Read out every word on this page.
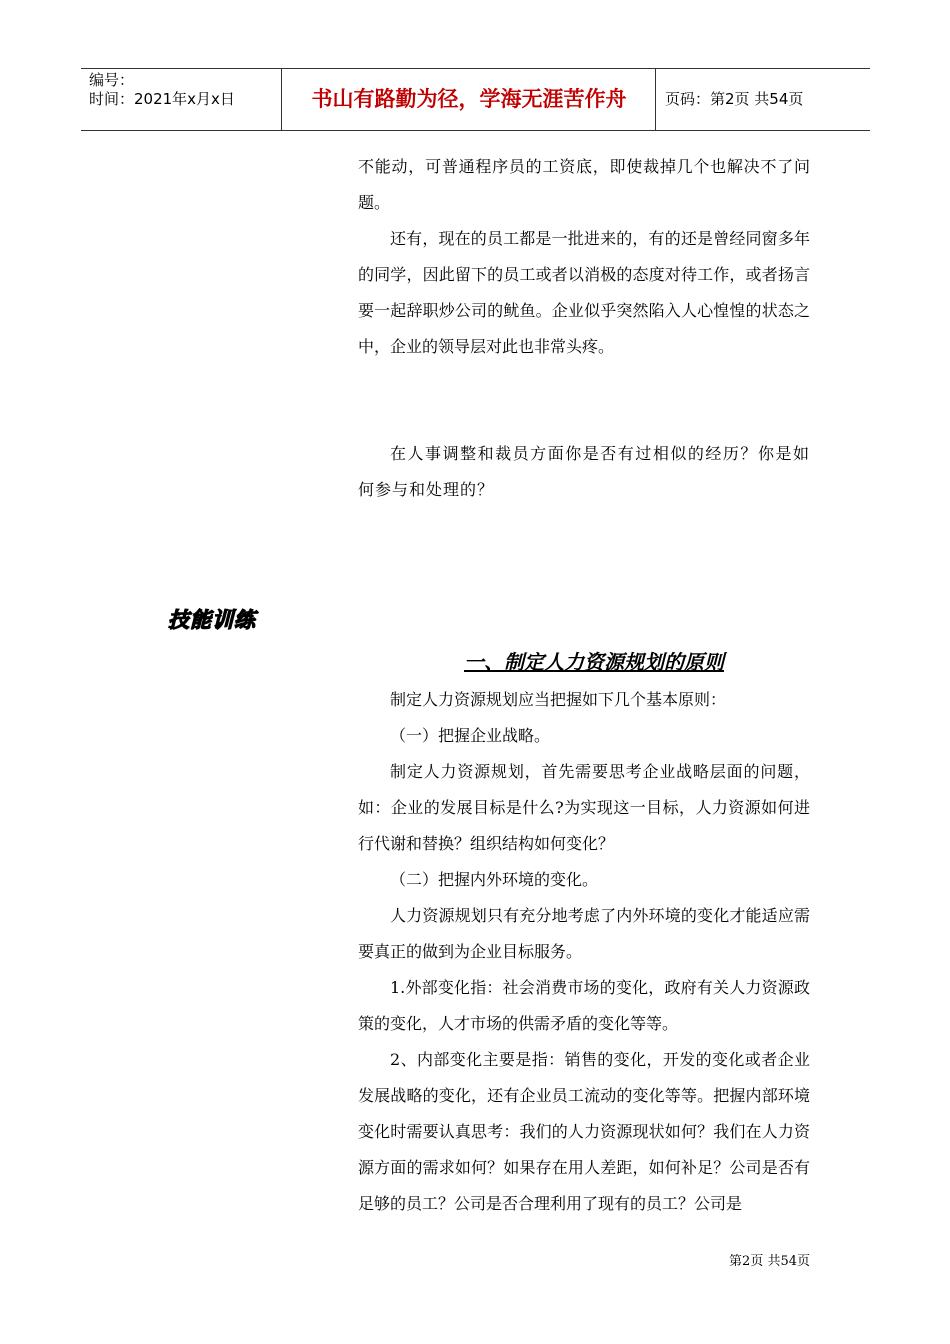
编号：
时间：2021年x月x日	书山有路勤为径，学海无涯苦作舟	页码：第2页 共54页

不能动，可普通程序员的工资底，即使裁掉几个也解决不了问题。

还有，现在的员工都是一批进来的，有的还是曾经同窗多年的同学，因此留下的员工或者以消极的态度对待工作，或者扬言要一起辞职炒公司的鱿鱼。企业似乎突然陷入人心惶惶的状态之中，企业的领导层对此也非常头疼。

在人事调整和裁员方面你是否有过相似的经历？你是如何参与和处理的？

技能训练
一、制定人力资源规划的原则

制定人力资源规划应当把握如下几个基本原则：

（一）把握企业战略。

制定人力资源规划，首先需要思考企业战略层面的问题，如：企业的发展目标是什么?为实现这一目标，人力资源如何进行代谢和替换？组织结构如何变化？

（二）把握内外环境的变化。

人力资源规划只有充分地考虑了内外环境的变化才能适应需要真正的做到为企业目标服务。

1.外部变化指：社会消费市场的变化，政府有关人力资源政策的变化，人才市场的供需矛盾的变化等等。

2、内部变化主要是指：销售的变化，开发的变化或者企业发展战略的变化，还有企业员工流动的变化等等。把握内部环境变化时需要认真思考：我们的人力资源现状如何？我们在人力资源方面的需求如何？如果存在用人差距，如何补足？公司是否有足够的员工？公司是否合理利用了现有的员工？公司是

第2页 共54页
